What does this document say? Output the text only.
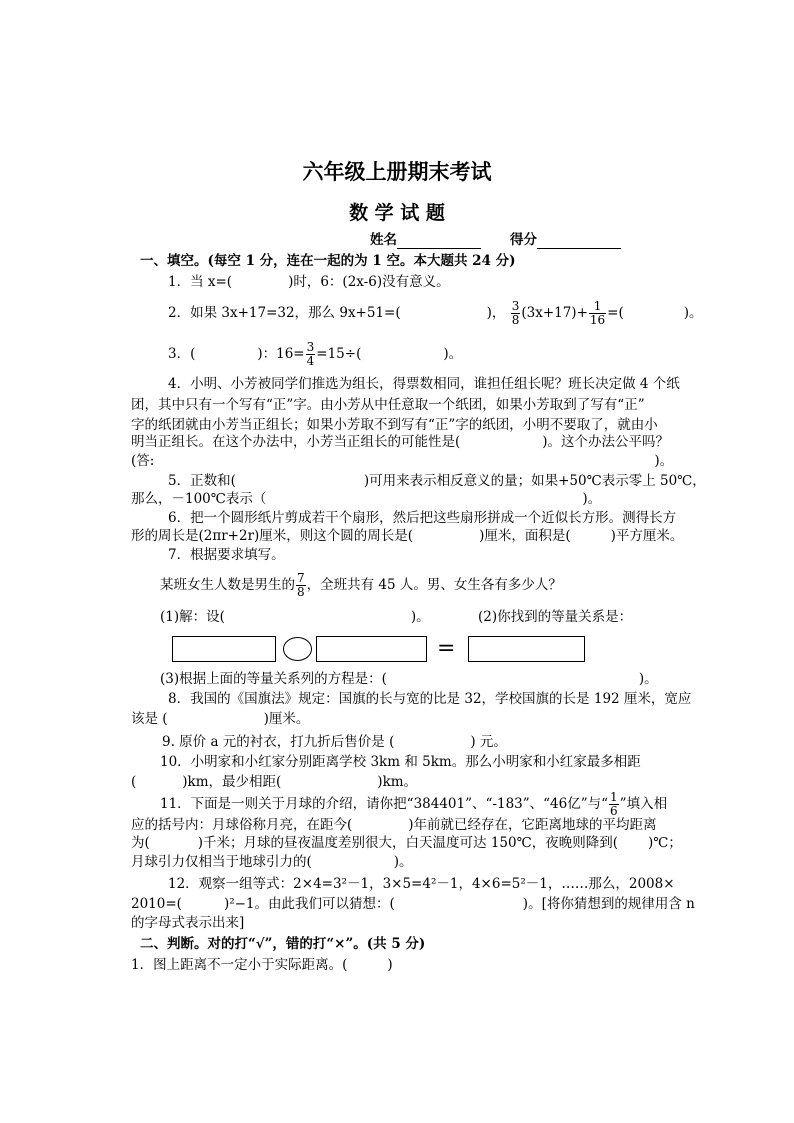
六年级上册期末考试
数 学 试 题
姓名	得分
一、填空。(每空 1 分，连在一起的为 1 空。本大题共 24 分)
1．当 x=(	)时，6：(2x-6)没有意义。
2．如果 3x+17=32，那么 9x+51=(	)， $\frac{3}{8} (3x+17)+ \frac{1}{16}$ =(	)。
3．(	)：$16= \frac{3}{4} =15\div$(	)。
4．小明、小芳被同学们推选为组长，得票数相同，谁担任组长呢？班长决定做 4 个纸
团，其中只有一个写有“正”字。由小芳从中任意取一个纸团，如果小芳取到了写有“正”
字的纸团就由小芳当正组长；如果小芳取不到写有“正”字的纸团，小明不要取了，就由小
明当正组长。在这个办法中，小芳当正组长的可能性是(	)。这个办法公平吗？
(答:	)。
5．正数和(	)可用来表示相反意义的量；如果+50℃表示零上 50℃，
那么，－100℃表示（	)。
6．把一个圆形纸片剪成若干个扇形，然后把这些扇形拼成一个近似长方形。测得长方
形的周长是(2πr+2r)厘米，则这个圆的周长是(	)厘米，面积是(	)平方厘米。
7．根据要求填写。
某班女生人数是男生的 $\frac{7}{8}$ ，全班共有 45 人。男、女生各有多少人？
(1)解：设(	)。	(2)你找到的等量关系是：
=
(3)根据上面的等量关系列的方程是：(	)。
8．我国的《国旗法》规定：国旗的长与宽的比是 32，学校国旗的长是 192 厘米，宽应
该是 (	)厘米。
9. 原价 a 元的衬衣，打九折后售价是 (	) 元。
10．小明家和小红家分别距离学校 3km 和 5km。那么小明家和小红家最多相距
(	)km，最少相距(	)km。
11．下面是一则关于月球的介绍，请你把“384401”、“-183”、“46亿”与“ $\frac{1}{6}$ ”填入相
应的括号内：月球俗称月亮，在距今(	)年前就已经存在，它距离地球的平均距离
为(	)千米；月球的昼夜温度差别很大，白天温度可达 150℃，夜晚则降到( )℃；
月球引力仅相当于地球引力的(	)。
12．观察一组等式：2×4=3²－1，3×5=4²－1，4×6=5²－1，……那么，2008×
2010=(	)²−1。由此我们可以猜想：(	)。[将你猜想到的规律用含 n
的字母式表示出来]
二、判断。对的打“√”，错的打“×”。(共 5 分)
1．图上距离不一定小于实际距离。(	)
